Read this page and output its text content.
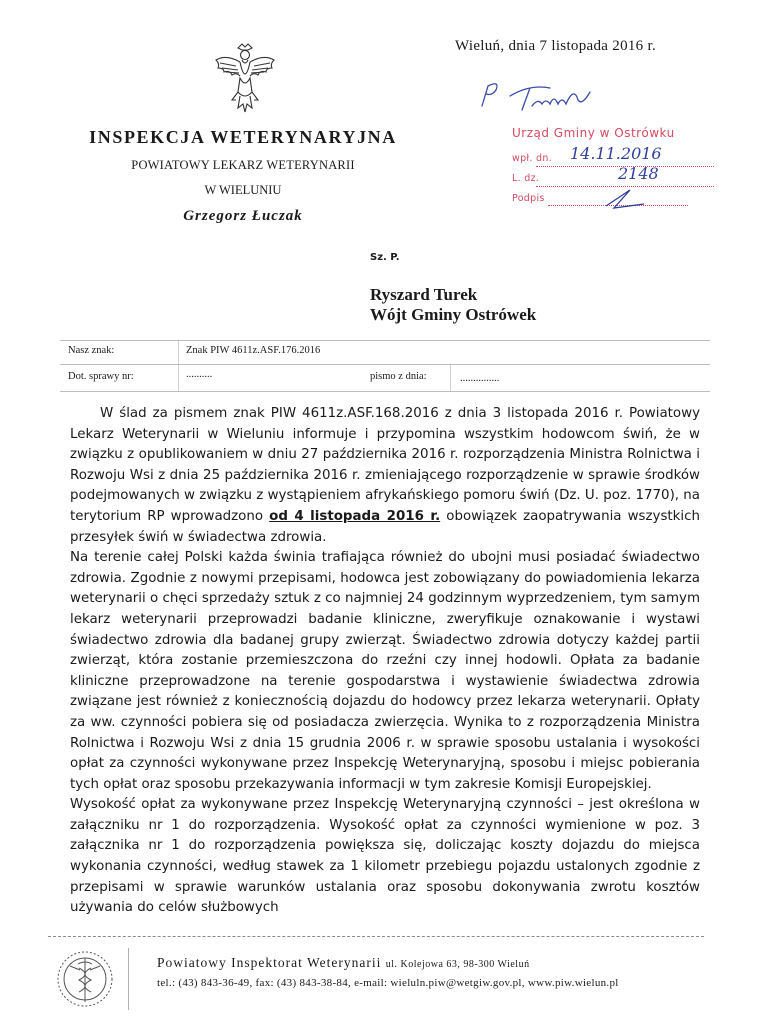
Wieluń, dnia 7 listopada 2016 r.
INSPEKCJA WETERYNARYJNA
POWIATOWY LEKARZ WETERYNARII
W WIELUNIU
Grzegorz Łuczak
Urząd Gminy w Ostrówku
wpł. dn. 14.11.2016
L. dz.	2148
Podpis
Sz. P.
Ryszard Turek
Wójt Gminy Ostrówek
Nasz znak:	Znak PIW 4611z.ASF.176.2016
Dot. sprawy nr:	..........	pismo z dnia:	...............

W ślad za pismem znak PIW 4611z.ASF.168.2016 z dnia 3 listopada 2016 r. Powiatowy Lekarz Weterynarii w Wieluniu informuje i przypomina wszystkim hodowcom świń, że w związku z opublikowaniem w dniu 27 października 2016 r. rozporządzenia Ministra Rolnictwa i Rozwoju Wsi z dnia 25 października 2016 r. zmieniającego rozporządzenie w sprawie środków podejmowanych w związku z wystąpieniem afrykańskiego pomoru świń (Dz. U. poz. 1770), na terytorium RP wprowadzono od 4 listopada 2016 r. obowiązek zaopatrywania wszystkich przesyłek świń w świadectwa zdrowia.

Na terenie całej Polski każda świnia trafiająca również do ubojni musi posiadać świadectwo zdrowia. Zgodnie z nowymi przepisami, hodowca jest zobowiązany do powiadomienia lekarza weterynarii o chęci sprzedaży sztuk z co najmniej 24 godzinnym wyprzedzeniem, tym samym lekarz weterynarii przeprowadzi badanie kliniczne, zweryfikuje oznakowanie i wystawi świadectwo zdrowia dla badanej grupy zwierząt. Świadectwo zdrowia dotyczy każdej partii zwierząt, która zostanie przemieszczona do rzeźni czy innej hodowli. Opłata za badanie kliniczne przeprowadzone na terenie gospodarstwa i wystawienie świadectwa zdrowia związane jest również z koniecznością dojazdu do hodowcy przez lekarza weterynarii. Opłaty za ww. czynności pobiera się od posiadacza zwierzęcia. Wynika to z rozporządzenia Ministra Rolnictwa i Rozwoju Wsi z dnia 15 grudnia 2006 r. w sprawie sposobu ustalania i wysokości opłat za czynności wykonywane przez Inspekcję Weterynaryjną, sposobu i miejsc pobierania tych opłat oraz sposobu przekazywania informacji w tym zakresie Komisji Europejskiej.

Wysokość opłat za wykonywane przez Inspekcję Weterynaryjną czynności – jest określona w załączniku nr 1 do rozporządzenia. Wysokość opłat za czynności wymienione w poz. 3 załącznika nr 1 do rozporządzenia powiększa się, doliczając koszty dojazdu do miejsca wykonania czynności, według stawek za 1 kilometr przebiegu pojazdu ustalonych zgodnie z przepisami w sprawie warunków ustalania oraz sposobu dokonywania zwrotu kosztów używania do celów służbowych

Powiatowy Inspektorat Weterynarii ul. Kolejowa 63, 98-300 Wieluń
tel.: (43) 843-36-49, fax: (43) 843-38-84, e-mail: wieluln.piw@wetgiw.gov.pl, www.piw.wielun.pl
